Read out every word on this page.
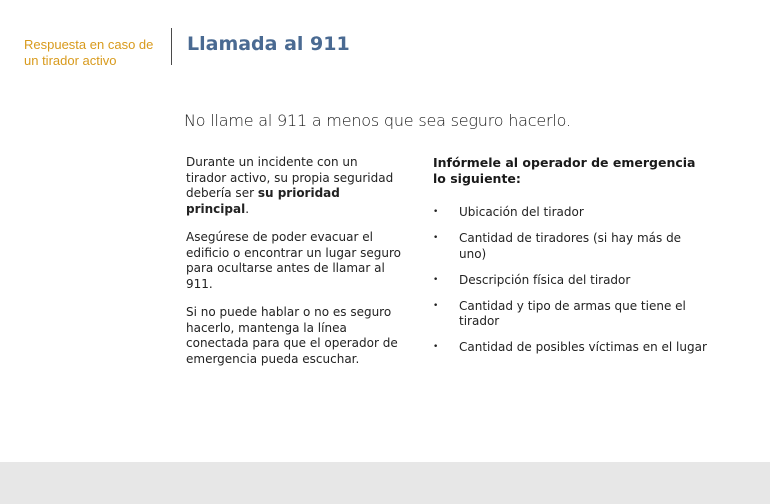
Respuesta en caso de un tirador activo
Llamada al 911
No llame al 911 a menos que sea seguro hacerlo.

Durante un incidente con un tirador activo, su propia seguridad debería ser su prioridad principal.

Asegúrese de poder evacuar el edificio o encontrar un lugar seguro para ocultarse antes de llamar al 911.

Si no puede hablar o no es seguro hacerlo, mantenga la línea conectada para que el operador de emergencia pueda escuchar.

Infórmele al operador de emergencia lo siguiente:

• Ubicación del tirador
• Cantidad de tiradores (si hay más de uno)
• Descripción física del tirador
• Cantidad y tipo de armas que tiene el tirador
• Cantidad de posibles víctimas en el lugar
